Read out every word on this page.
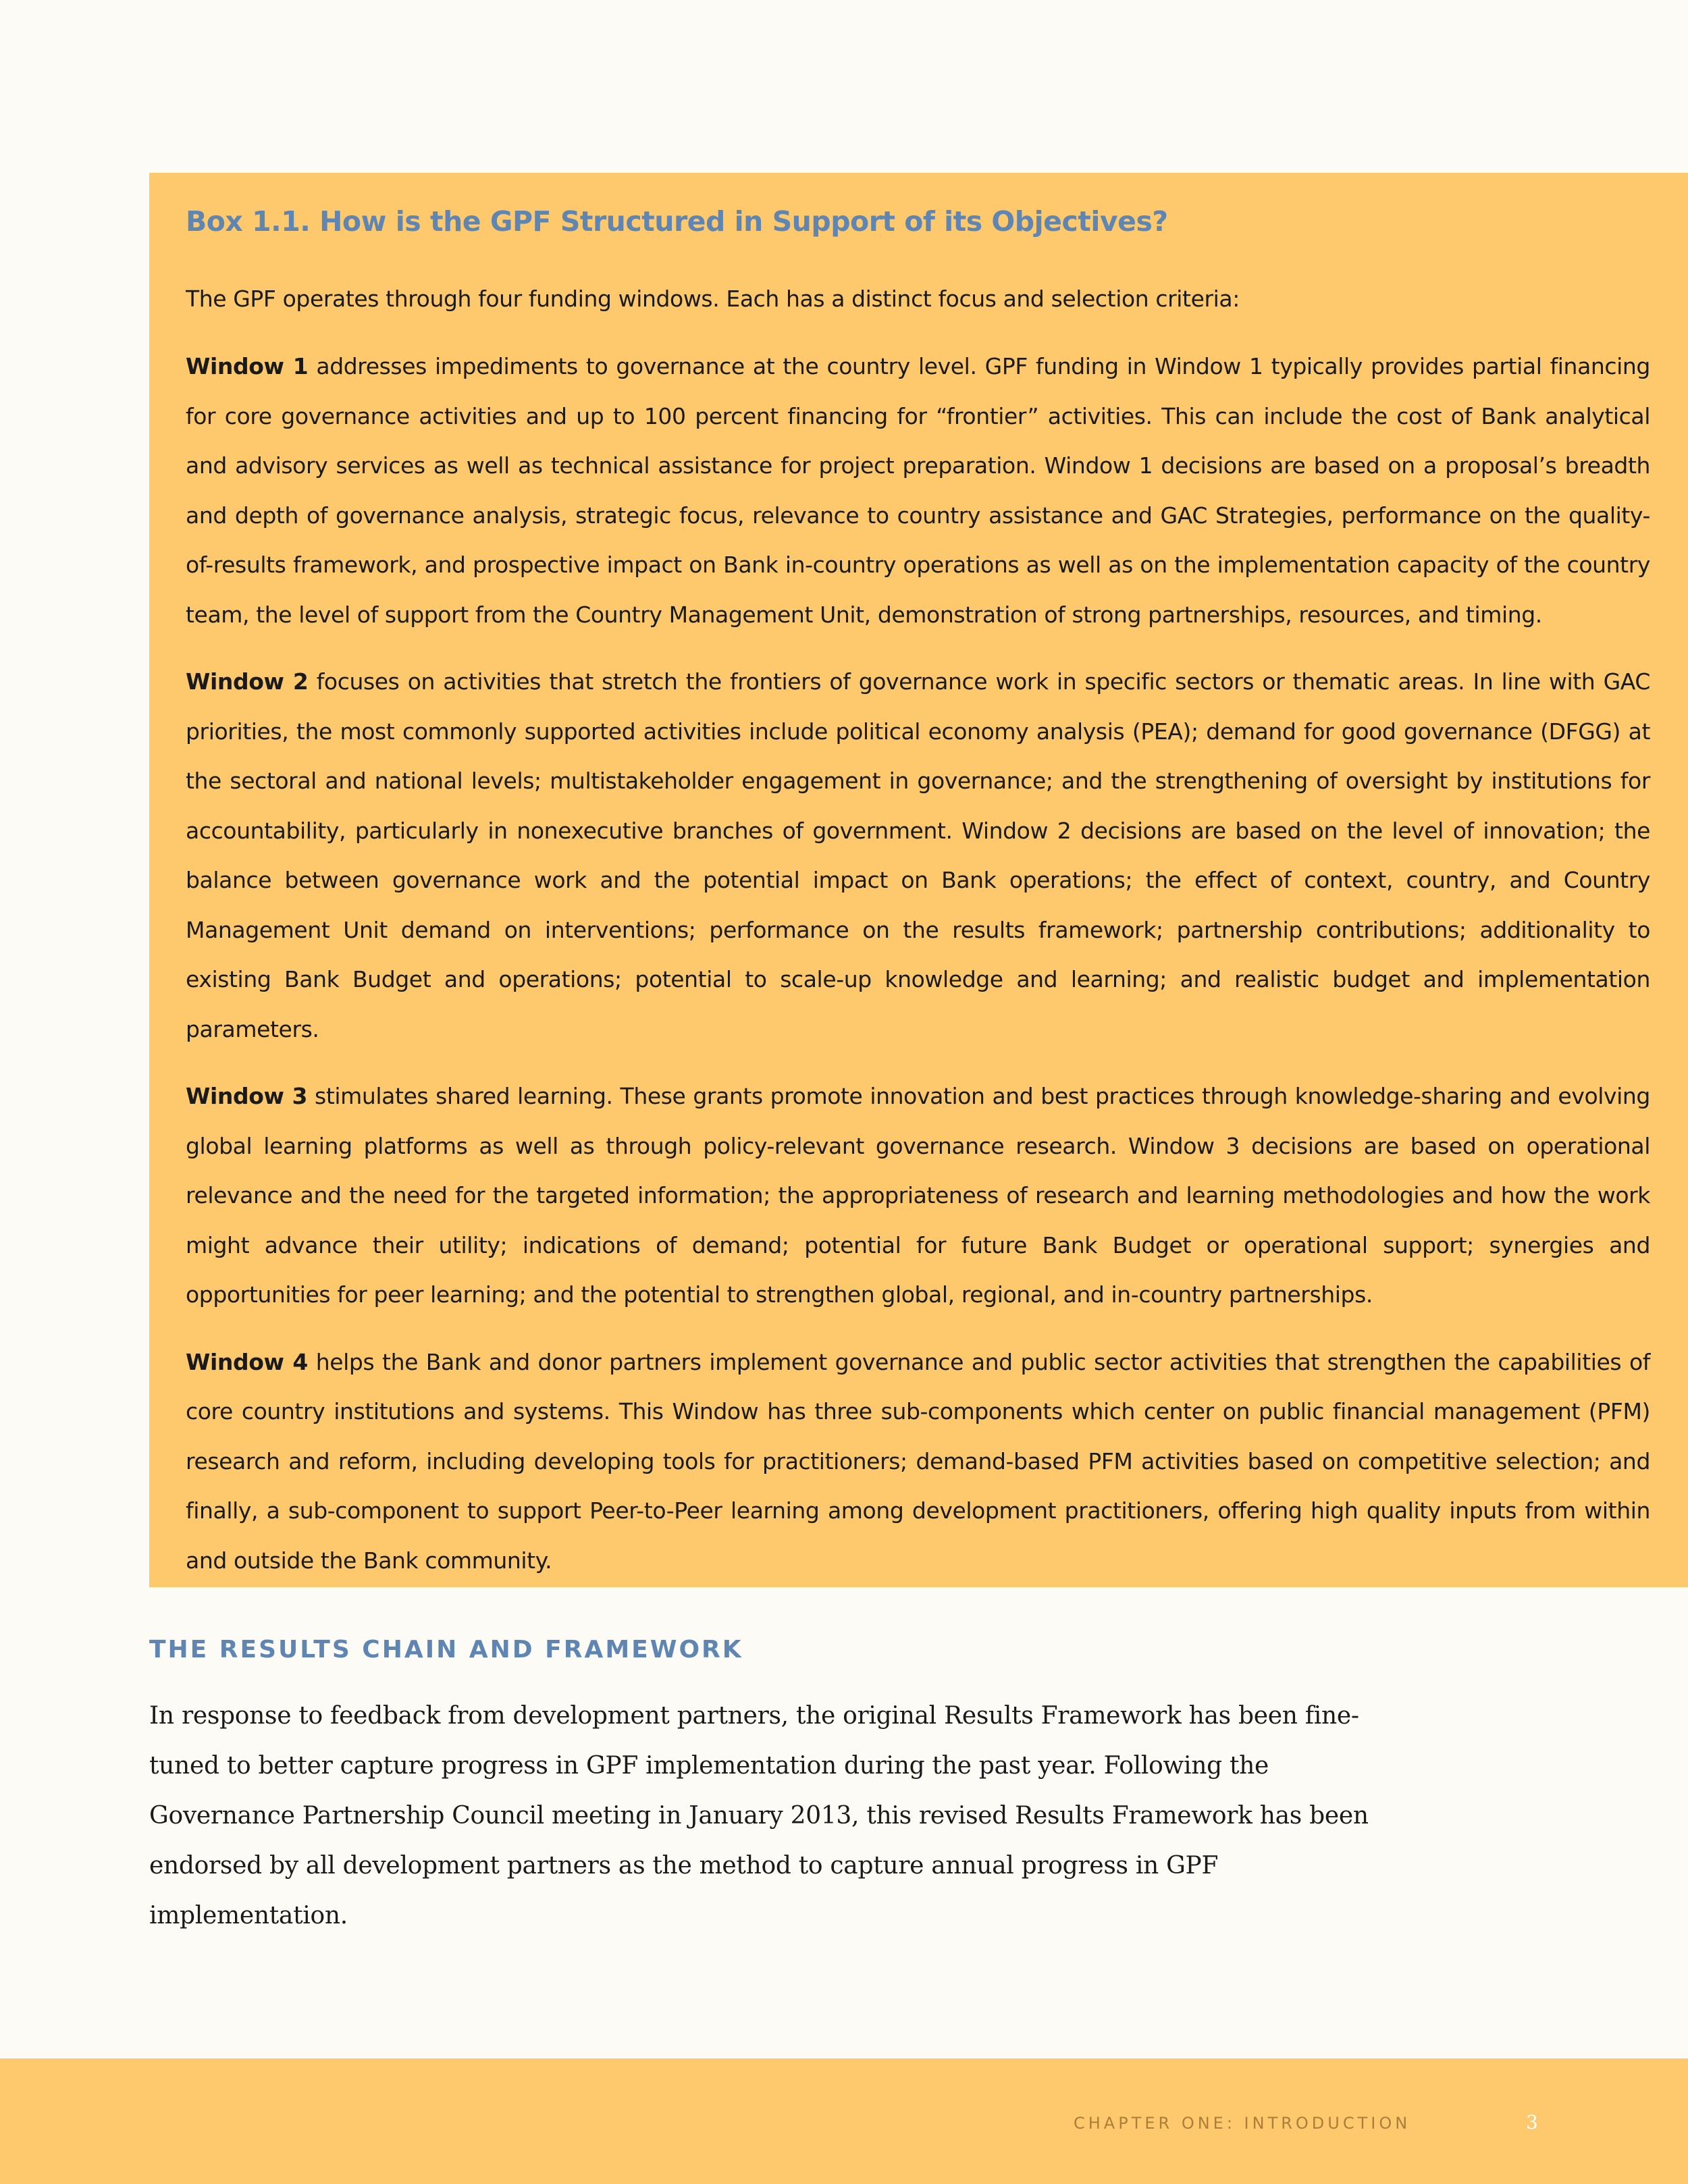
Box 1.1. How is the GPF Structured in Support of its Objectives?

The GPF operates through four funding windows. Each has a distinct focus and selection criteria:

Window 1 addresses impediments to governance at the country level. GPF funding in Window 1 typically provides partial financing for core governance activities and up to 100 percent financing for “frontier” activities. This can include the cost of Bank analytical and advisory services as well as technical assistance for project preparation. Window 1 decisions are based on a proposal’s breadth and depth of governance analysis, strategic focus, relevance to country assistance and GAC Strategies, performance on the quality-of-results framework, and prospective impact on Bank in-country operations as well as on the implementation capacity of the country team, the level of support from the Country Management Unit, demonstration of strong partnerships, resources, and timing.

Window 2 focuses on activities that stretch the frontiers of governance work in specific sectors or thematic areas. In line with GAC priorities, the most commonly supported activities include political economy analysis (PEA); demand for good governance (DFGG) at the sectoral and national levels; multistakeholder engagement in governance; and the strengthening of oversight by institutions for accountability, particularly in nonexecutive branches of government. Window 2 decisions are based on the level of innovation; the balance between governance work and the potential impact on Bank operations; the effect of context, country, and Country Management Unit demand on interventions; performance on the results framework; partnership contributions; additionality to existing Bank Budget and operations; potential to scale-up knowledge and learning; and realistic budget and implementation parameters.

Window 3 stimulates shared learning. These grants promote innovation and best practices through knowledge-sharing and evolving global learning platforms as well as through policy-relevant governance research. Window 3 decisions are based on operational relevance and the need for the targeted information; the appropriateness of research and learning methodologies and how the work might advance their utility; indications of demand; potential for future Bank Budget or operational support; synergies and opportunities for peer learning; and the potential to strengthen global, regional, and in-country partnerships.

Window 4 helps the Bank and donor partners implement governance and public sector activities that strengthen the capabilities of core country institutions and systems. This Window has three sub-components which center on public financial management (PFM) research and reform, including developing tools for practitioners; demand-based PFM activities based on competitive selection; and finally, a sub-component to support Peer-to-Peer learning among development practitioners, offering high quality inputs from within and outside the Bank community.

THE RESULTS CHAIN AND FRAMEWORK

In response to feedback from development partners, the original Results Framework has been fine-tuned to better capture progress in GPF implementation during the past year. Following the Governance Partnership Council meeting in January 2013, this revised Results Framework has been endorsed by all development partners as the method to capture annual progress in GPF implementation.

CHAPTER ONE: INTRODUCTION	3
